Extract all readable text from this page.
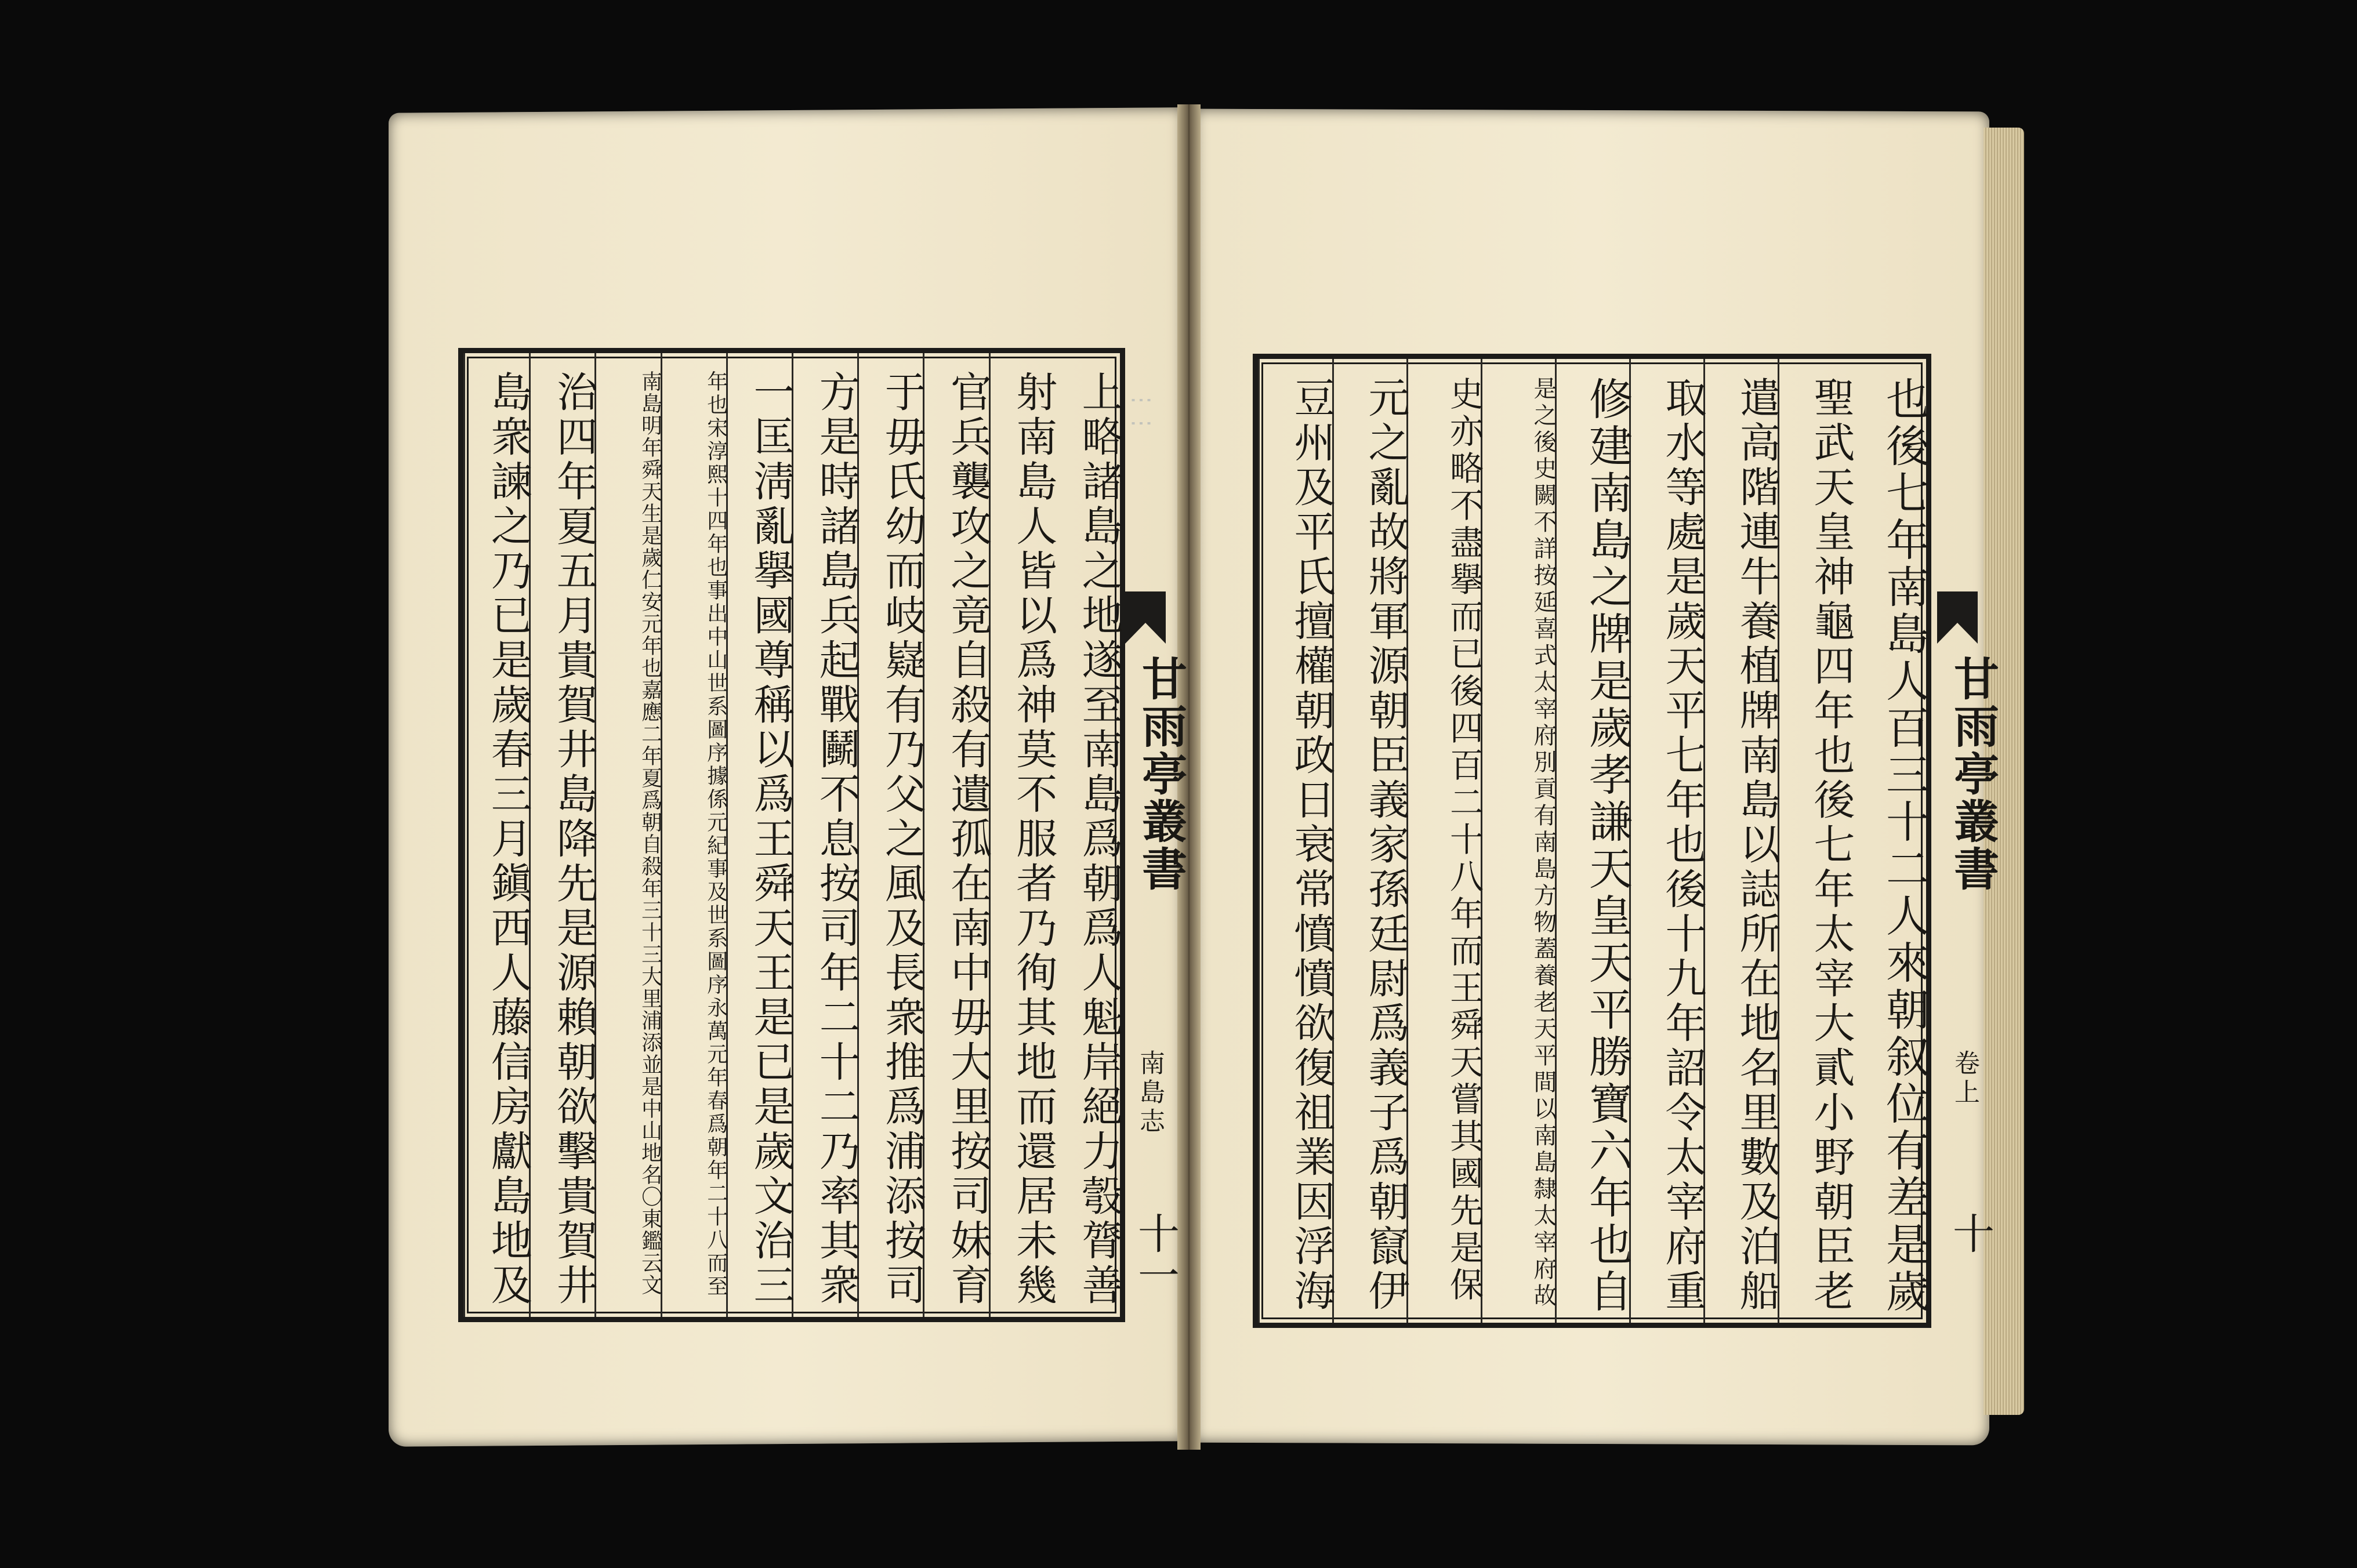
⋮⋮
上略諸島之地遂至南島爲朝爲人魁岸絕力彀膂善
射南島人皆以爲神莫不服者乃徇其地而還居未幾
官兵襲攻之竟自殺有遺孤在南中毋大里按司妹育
于毋氏幼而岐嶷有乃父之風及長衆推爲浦添按司
方是時諸島兵起戰鬭不息按司年二十二乃率其衆
一匡淸亂擧國尊稱以爲王舜天王是已是歲文治三
年也宋淳熙十四年也事出中山世系圖序據係元紀事及世系圖序永萬元年春爲朝年二十八而至
南島明年舜天生是歲仁安元年也嘉應二年夏爲朝自殺年三十三大里浦添並是中山地名〇東鑑云文
治四年夏五月貴賀井島降先是源賴朝欲擊貴賀井
島衆諫之乃已是歲春三月鎭西人藤信房獻島地及	甘雨亭叢書
南島志
十一	也後七年南島人百三十二人來朝叙位有差是歲
聖武天皇神龜四年也後七年太宰大貳小野朝臣老
遣高階連牛養植牌南島以誌所在地名里數及泊船
取水等處是歲天平七年也後十九年詔令太宰府重
修建南島之牌是歲孝謙天皇天平勝寶六年也自
是之後史闕不詳按延喜式太宰府別貢有南島方物蓋養老天平間以南島隸太宰府故
史亦略不盡擧而已後四百二十八年而王舜天嘗其國先是保
元之亂故將軍源朝臣義家孫廷尉爲義子爲朝竄伊
豆州及平氏擅權朝政日衰常憤憤欲復祖業因浮海	甘雨亭叢書
卷上
十
